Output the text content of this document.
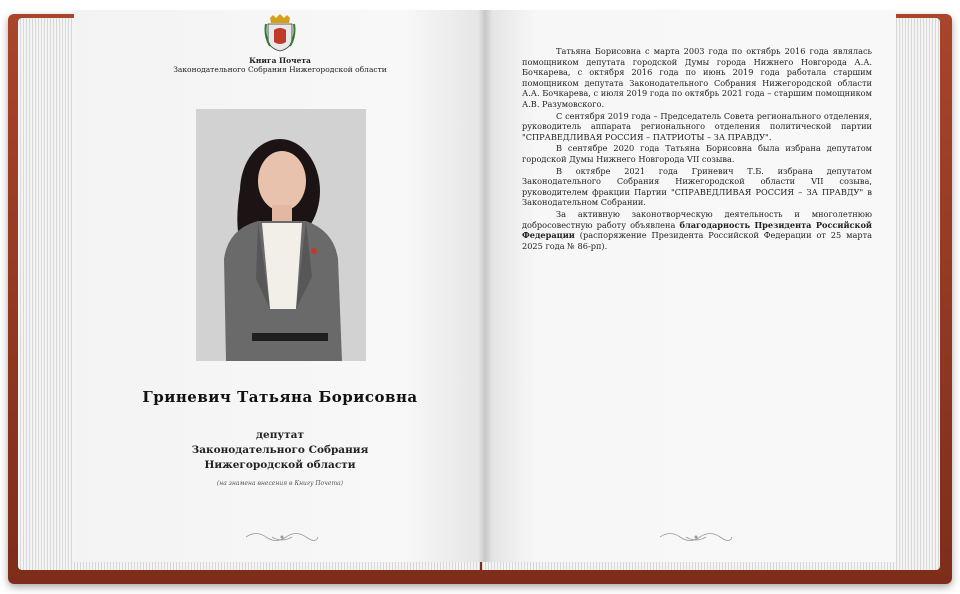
Книга Почета
Законодательного Собрания Нижегородской области
Гриневич Татьяна Борисовна
депутат
Законодательного Собрания
Нижегородской области
(на знаменa внесения в Книгу Почета)

Татьяна Борисовна с марта 2003 года по октябрь 2016 года являлась помощником депутата городской Думы города Нижнего Новгорода А.А. Бочкарева, с октября 2016 года по июнь 2019 года работала старшим помощником депутата Законодательного Собрания Нижегородской области А.А. Бочкарева, с июля 2019 года по октябрь 2021 года – старшим помощником А.В. Разумовского.

С сентября 2019 года – Председатель Совета регионального отделения, руководитель аппарата регионального отделения политической партии "СПРАВЕДЛИВАЯ РОССИЯ – ПАТРИОТЫ – ЗА ПРАВДУ".

В сентябре 2020 года Татьяна Борисовна была избрана депутатом городской Думы Нижнего Новгорода VII созыва.

В октябре 2021 года Гриневич Т.Б. избрана депутатом Законодательного Собрания Нижегородской области VII созыва, руководителем фракции Партии "СПРАВЕДЛИВАЯ РОССИЯ – ЗА ПРАВДУ" в Законодательном Собрании.

За активную законотворческую деятельность и многолетнюю добросовестную работу объявлена благодарность Президента Российской Федерации (распоряжение Президента Российской Федерации от 25 марта 2025 года № 86-рп).
